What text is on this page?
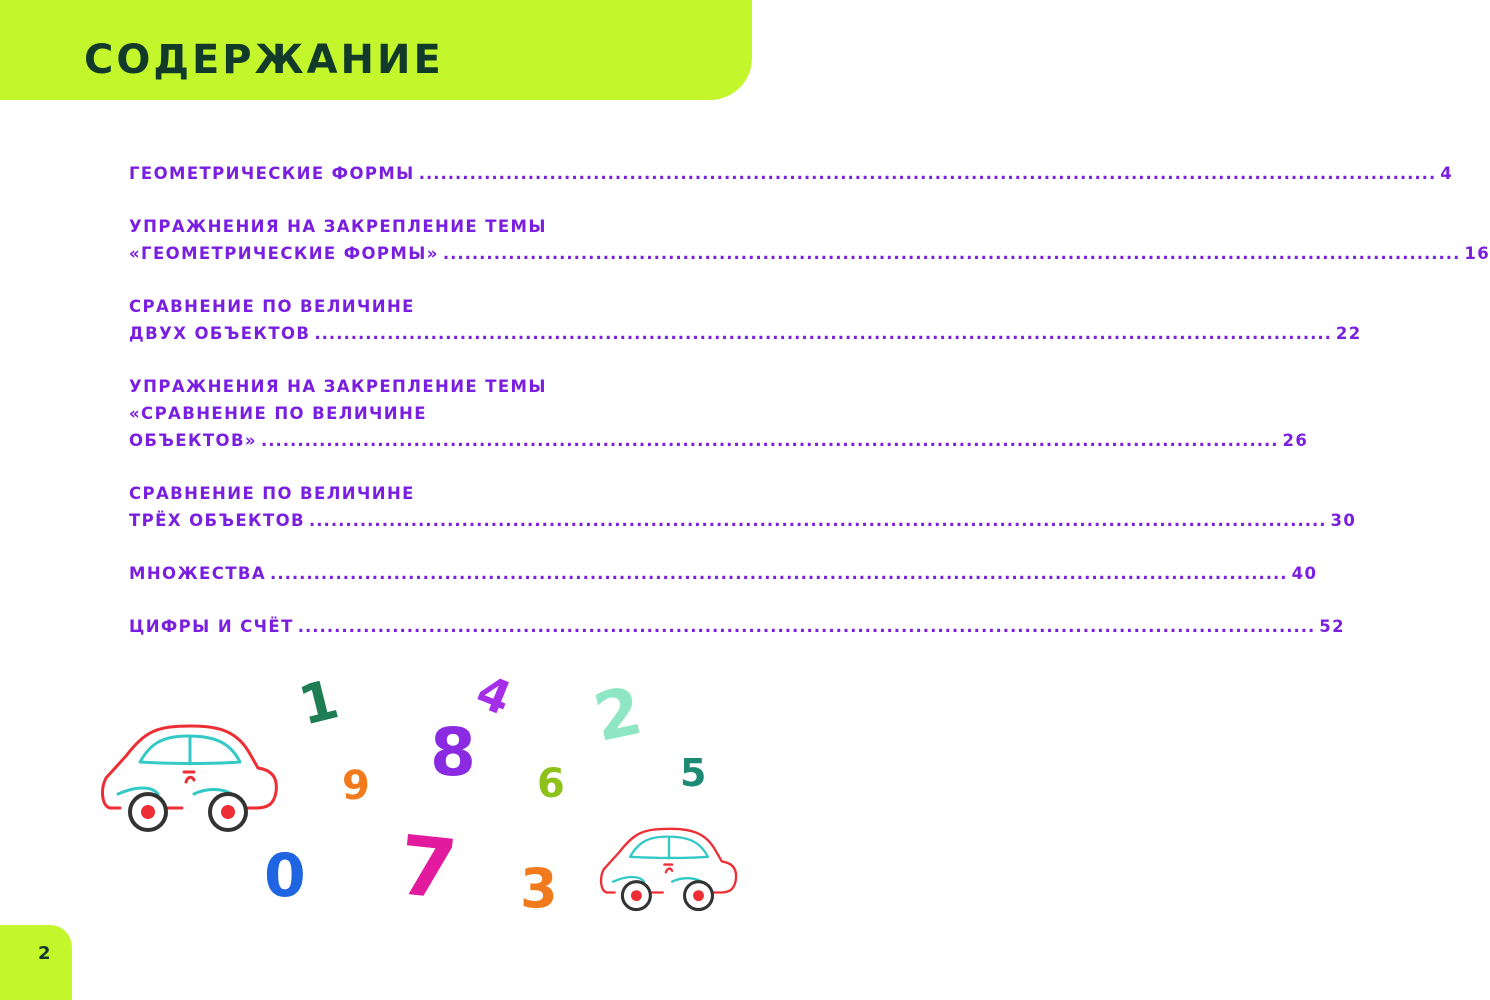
СОДЕРЖАНИЕ
ГЕОМЕТРИЧЕСКИЕ ФОРМЫ ............................................................................................................................................ 4
УПРАЖНЕНИЯ НА ЗАКРЕПЛЕНИЕ ТЕМЫ
«ГЕОМЕТРИЧЕСКИЕ ФОРМЫ» ............................................................................................................................................ 16
СРАВНЕНИЕ ПО ВЕЛИЧИНЕ
ДВУХ ОБЪЕКТОВ ............................................................................................................................................ 22
УПРАЖНЕНИЯ НА ЗАКРЕПЛЕНИЕ ТЕМЫ
«СРАВНЕНИЕ ПО ВЕЛИЧИНЕ
ОБЪЕКТОВ» ............................................................................................................................................ 26
СРАВНЕНИЕ ПО ВЕЛИЧИНЕ
ТРЁХ ОБЪЕКТОВ ............................................................................................................................................ 30
МНОЖЕСТВА ............................................................................................................................................ 40
ЦИФРЫ И СЧЁТ ............................................................................................................................................ 52
1	4 2
8
9	6	5
0 7 3
2
